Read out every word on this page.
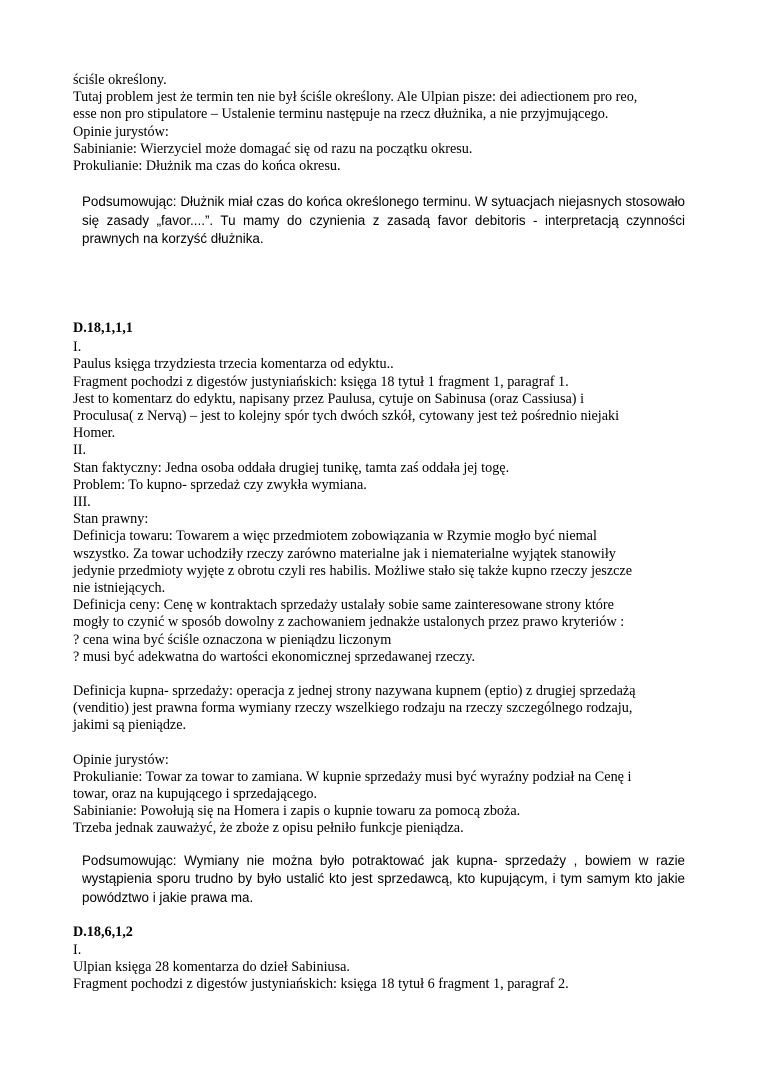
ściśle określony.
Tutaj problem jest że termin ten nie był ściśle określony. Ale Ulpian pisze: dei adiectionem pro reo,
esse non pro stipulatore – Ustalenie terminu następuje na rzecz dłużnika, a nie przyjmującego.
Opinie jurystów:
Sabinianie: Wierzyciel może domagać się od razu na początku okresu.
Prokulianie: Dłużnik ma czas do końca okresu.
Podsumowując: Dłużnik miał czas do końca określonego terminu. W sytuacjach niejasnych stosowało się zasady „favor....”. Tu mamy do czynienia z zasadą favor debitoris - interpretacją czynności prawnych na korzyść dłużnika.
D.18,1,1,1
I.
Paulus księga trzydziesta trzecia komentarza od edyktu..
Fragment pochodzi z digestów justyniańskich: księga 18 tytuł 1 fragment 1, paragraf 1.
Jest to komentarz do edyktu, napisany przez Paulusa, cytuje on Sabinusa (oraz Cassiusa) i
Proculusa( z Nervą) – jest to kolejny spór tych dwóch szkół, cytowany jest też pośrednio niejaki
Homer.
II.
Stan faktyczny: Jedna osoba oddała drugiej tunikę, tamta zaś oddała jej togę.
Problem: To kupno- sprzedaż czy zwykła wymiana.
III.
Stan prawny:
Definicja towaru: Towarem a więc przedmiotem zobowiązania w Rzymie mogło być niemal
wszystko. Za towar uchodziły rzeczy zarówno materialne jak i niematerialne wyjątek stanowiły
jedynie przedmioty wyjęte z obrotu czyli res habilis. Możliwe stało się także kupno rzeczy jeszcze
nie istniejących.
Definicja ceny: Cenę w kontraktach sprzedaży ustalały sobie same zainteresowane strony które
mogły to czynić w sposób dowolny z zachowaniem jednakże ustalonych przez prawo kryteriów :
? cena wina być ściśle oznaczona w pieniądzu liczonym
? musi być adekwatna do wartości ekonomicznej sprzedawanej rzeczy.
Definicja kupna- sprzedaży: operacja z jednej strony nazywana kupnem (eptio) z drugiej sprzedażą
(venditio) jest prawna forma wymiany rzeczy wszelkiego rodzaju na rzeczy szczególnego rodzaju,
jakimi są pieniądze.
Opinie jurystów:
Prokulianie: Towar za towar to zamiana. W kupnie sprzedaży musi być wyraźny podział na Cenę i
towar, oraz na kupującego i sprzedającego.
Sabinianie: Powołują się na Homera i zapis o kupnie towaru za pomocą zboża.
Trzeba jednak zauważyć, że zboże z opisu pełniło funkcje pieniądza.
Podsumowując: Wymiany nie można było potraktować jak kupna- sprzedaży , bowiem w razie wystąpienia sporu trudno by było ustalić kto jest sprzedawcą, kto kupującym, i tym samym kto jakie powództwo i jakie prawa ma.
D.18,6,1,2
I.
Ulpian księga 28 komentarza do dzieł Sabiniusa.
Fragment pochodzi z digestów justyniańskich: księga 18 tytuł 6 fragment 1, paragraf 2.
